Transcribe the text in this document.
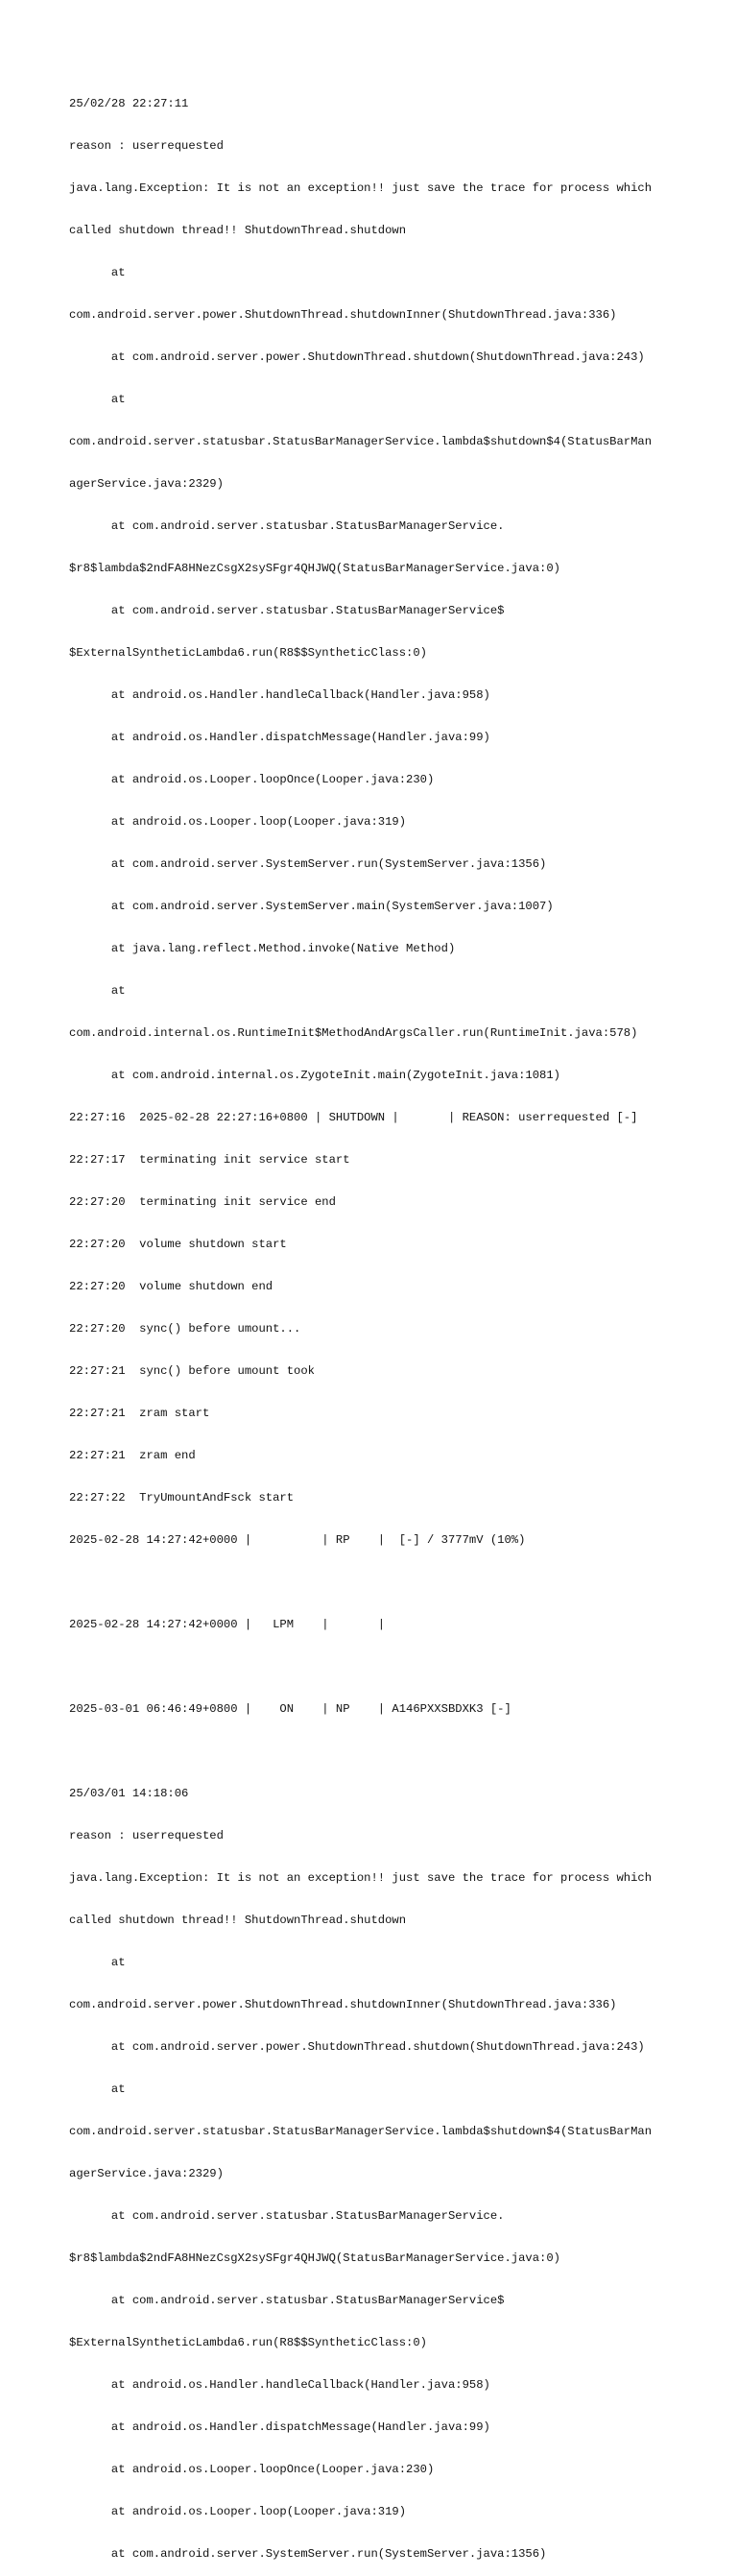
25/02/28 22:27:11

reason : userrequested

java.lang.Exception: It is not an exception!! just save the trace for process which

called shutdown thread!! ShutdownThread.shutdown

at

com.android.server.power.ShutdownThread.shutdownInner(ShutdownThread.java:336)

at com.android.server.power.ShutdownThread.shutdown(ShutdownThread.java:243)

at

com.android.server.statusbar.StatusBarManagerService.lambda$shutdown$4(StatusBarMan

agerService.java:2329)

at com.android.server.statusbar.StatusBarManagerService.

$r8$lambda$2ndFA8HNezCsgX2sySFgr4QHJWQ(StatusBarManagerService.java:0)

at com.android.server.statusbar.StatusBarManagerService$

$ExternalSyntheticLambda6.run(R8$$SyntheticClass:0)

at android.os.Handler.handleCallback(Handler.java:958)

at android.os.Handler.dispatchMessage(Handler.java:99)

at android.os.Looper.loopOnce(Looper.java:230)

at android.os.Looper.loop(Looper.java:319)

at com.android.server.SystemServer.run(SystemServer.java:1356)

at com.android.server.SystemServer.main(SystemServer.java:1007)

at java.lang.reflect.Method.invoke(Native Method)

at

com.android.internal.os.RuntimeInit$MethodAndArgsCaller.run(RuntimeInit.java:578)

at com.android.internal.os.ZygoteInit.main(ZygoteInit.java:1081)

22:27:16  2025-02-28 22:27:16+0800 | SHUTDOWN |       | REASON: userrequested [-]

22:27:17  terminating init service start

22:27:20  terminating init service end

22:27:20  volume shutdown start

22:27:20  volume shutdown end

22:27:20  sync() before umount...

22:27:21  sync() before umount took

22:27:21  zram start

22:27:21  zram end

22:27:22  TryUmountAndFsck start

2025-02-28 14:27:42+0000 |          | RP    |  [-] / 3777mV (10%)

2025-02-28 14:27:42+0000 |   LPM    |       |

2025-03-01 06:46:49+0800 |    ON    | NP    | A146PXXSBDXK3 [-]

25/03/01 14:18:06

reason : userrequested

java.lang.Exception: It is not an exception!! just save the trace for process which

called shutdown thread!! ShutdownThread.shutdown

at

com.android.server.power.ShutdownThread.shutdownInner(ShutdownThread.java:336)

at com.android.server.power.ShutdownThread.shutdown(ShutdownThread.java:243)

at

com.android.server.statusbar.StatusBarManagerService.lambda$shutdown$4(StatusBarMan

agerService.java:2329)

at com.android.server.statusbar.StatusBarManagerService.

$r8$lambda$2ndFA8HNezCsgX2sySFgr4QHJWQ(StatusBarManagerService.java:0)

at com.android.server.statusbar.StatusBarManagerService$

$ExternalSyntheticLambda6.run(R8$$SyntheticClass:0)

at android.os.Handler.handleCallback(Handler.java:958)

at android.os.Handler.dispatchMessage(Handler.java:99)

at android.os.Looper.loopOnce(Looper.java:230)

at android.os.Looper.loop(Looper.java:319)

at com.android.server.SystemServer.run(SystemServer.java:1356)
